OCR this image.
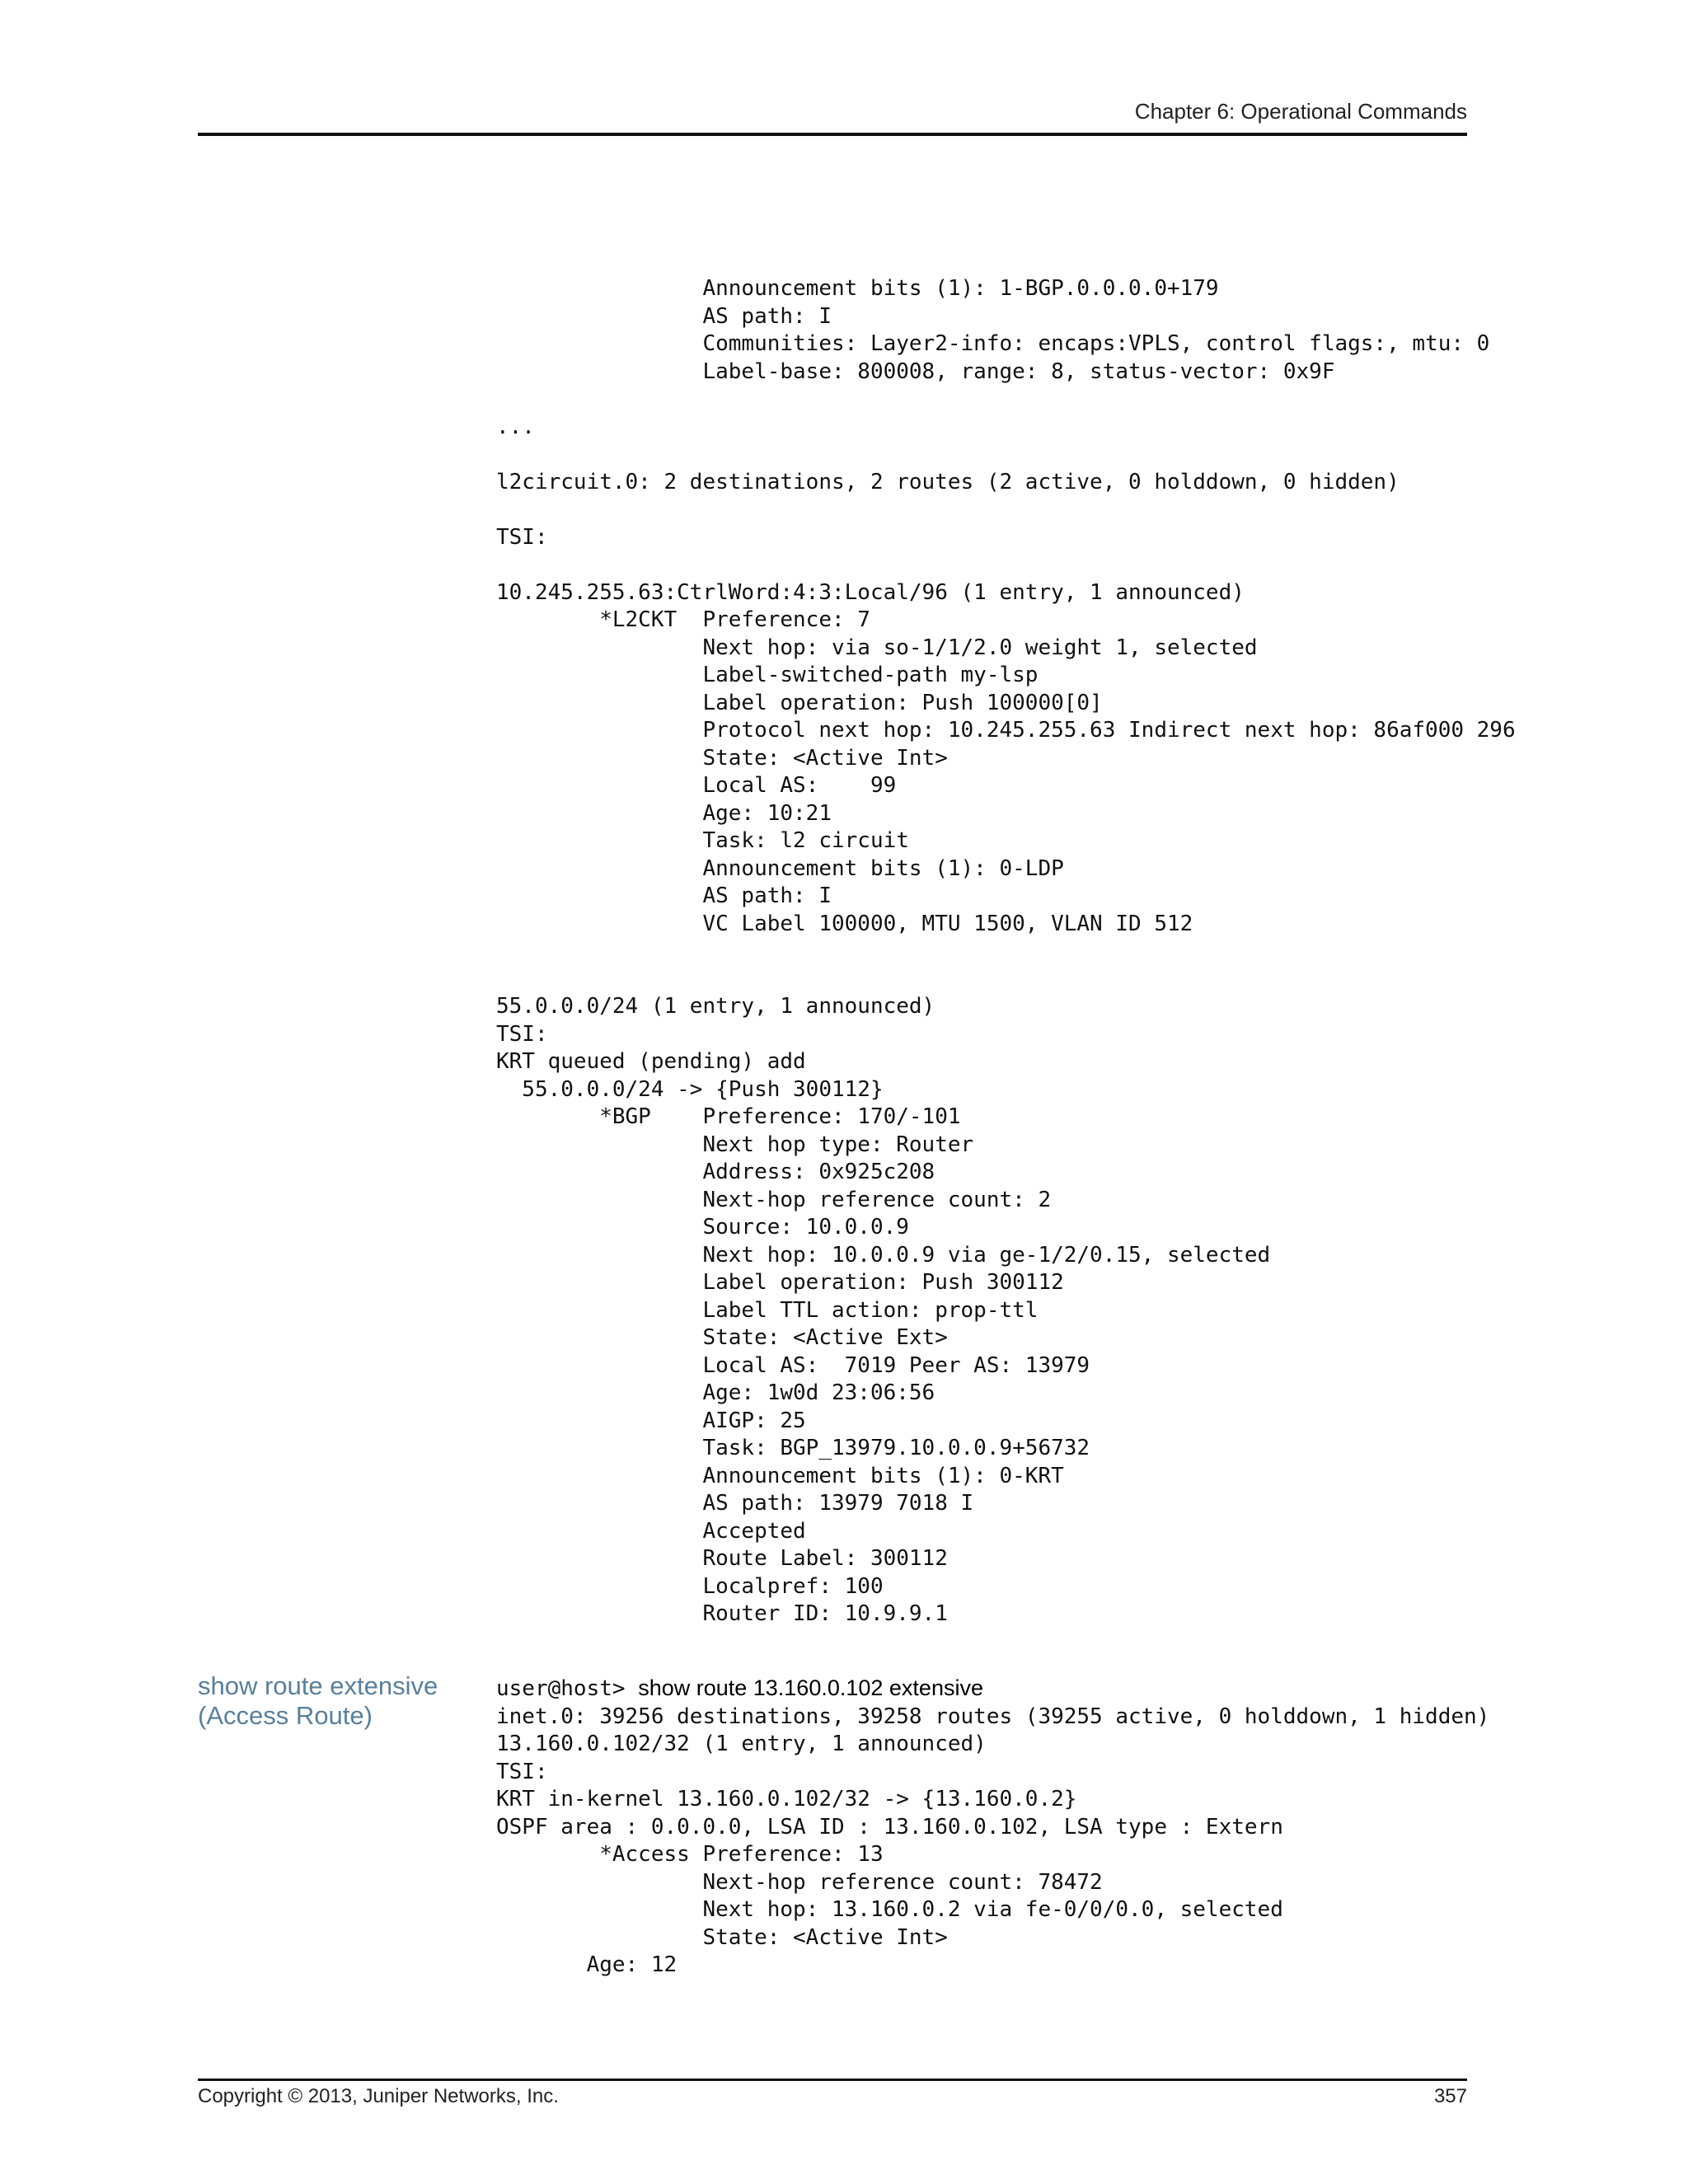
Chapter 6: Operational Commands
Announcement bits (1): 1-BGP.0.0.0.0+179
AS path: I
Communities: Layer2-info: encaps:VPLS, control flags:, mtu: 0
Label-base: 800008, range: 8, status-vector: 0x9F

...

l2circuit.0: 2 destinations, 2 routes (2 active, 0 holddown, 0 hidden)

TSI:

10.245.255.63:CtrlWord:4:3:Local/96 (1 entry, 1 announced)
*L2CKT  Preference: 7
Next hop: via so-1/1/2.0 weight 1, selected
Label-switched-path my-lsp
Label operation: Push 100000[0]
Protocol next hop: 10.245.255.63 Indirect next hop: 86af000 296
State: <Active Int>
Local AS:    99
Age: 10:21
Task: l2 circuit
Announcement bits (1): 0-LDP
AS path: I
VC Label 100000, MTU 1500, VLAN ID 512

55.0.0.0/24 (1 entry, 1 announced)
TSI:
KRT queued (pending) add
55.0.0.0/24 -> {Push 300112}
*BGP    Preference: 170/-101
Next hop type: Router
Address: 0x925c208
Next-hop reference count: 2
Source: 10.0.0.9
Next hop: 10.0.0.9 via ge-1/2/0.15, selected
Label operation: Push 300112
Label TTL action: prop-ttl
State: <Active Ext>
Local AS:  7019 Peer AS: 13979
Age: 1w0d 23:06:56
AIGP: 25
Task: BGP_13979.10.0.0.9+56732
Announcement bits (1): 0-KRT
AS path: 13979 7018 I
Accepted
Route Label: 300112
Localpref: 100
Router ID: 10.9.9.1
show route extensive
(Access Route)
user@host> show route 13.160.0.102 extensive
inet.0: 39256 destinations, 39258 routes (39255 active, 0 holddown, 1 hidden)
13.160.0.102/32 (1 entry, 1 announced)
TSI:
KRT in-kernel 13.160.0.102/32 -> {13.160.0.2}
OSPF area : 0.0.0.0, LSA ID : 13.160.0.102, LSA type : Extern
*Access Preference: 13
Next-hop reference count: 78472
Next hop: 13.160.0.2 via fe-0/0/0.0, selected
State: <Active Int>
Age: 12
Copyright © 2013, Juniper Networks, Inc.	357
